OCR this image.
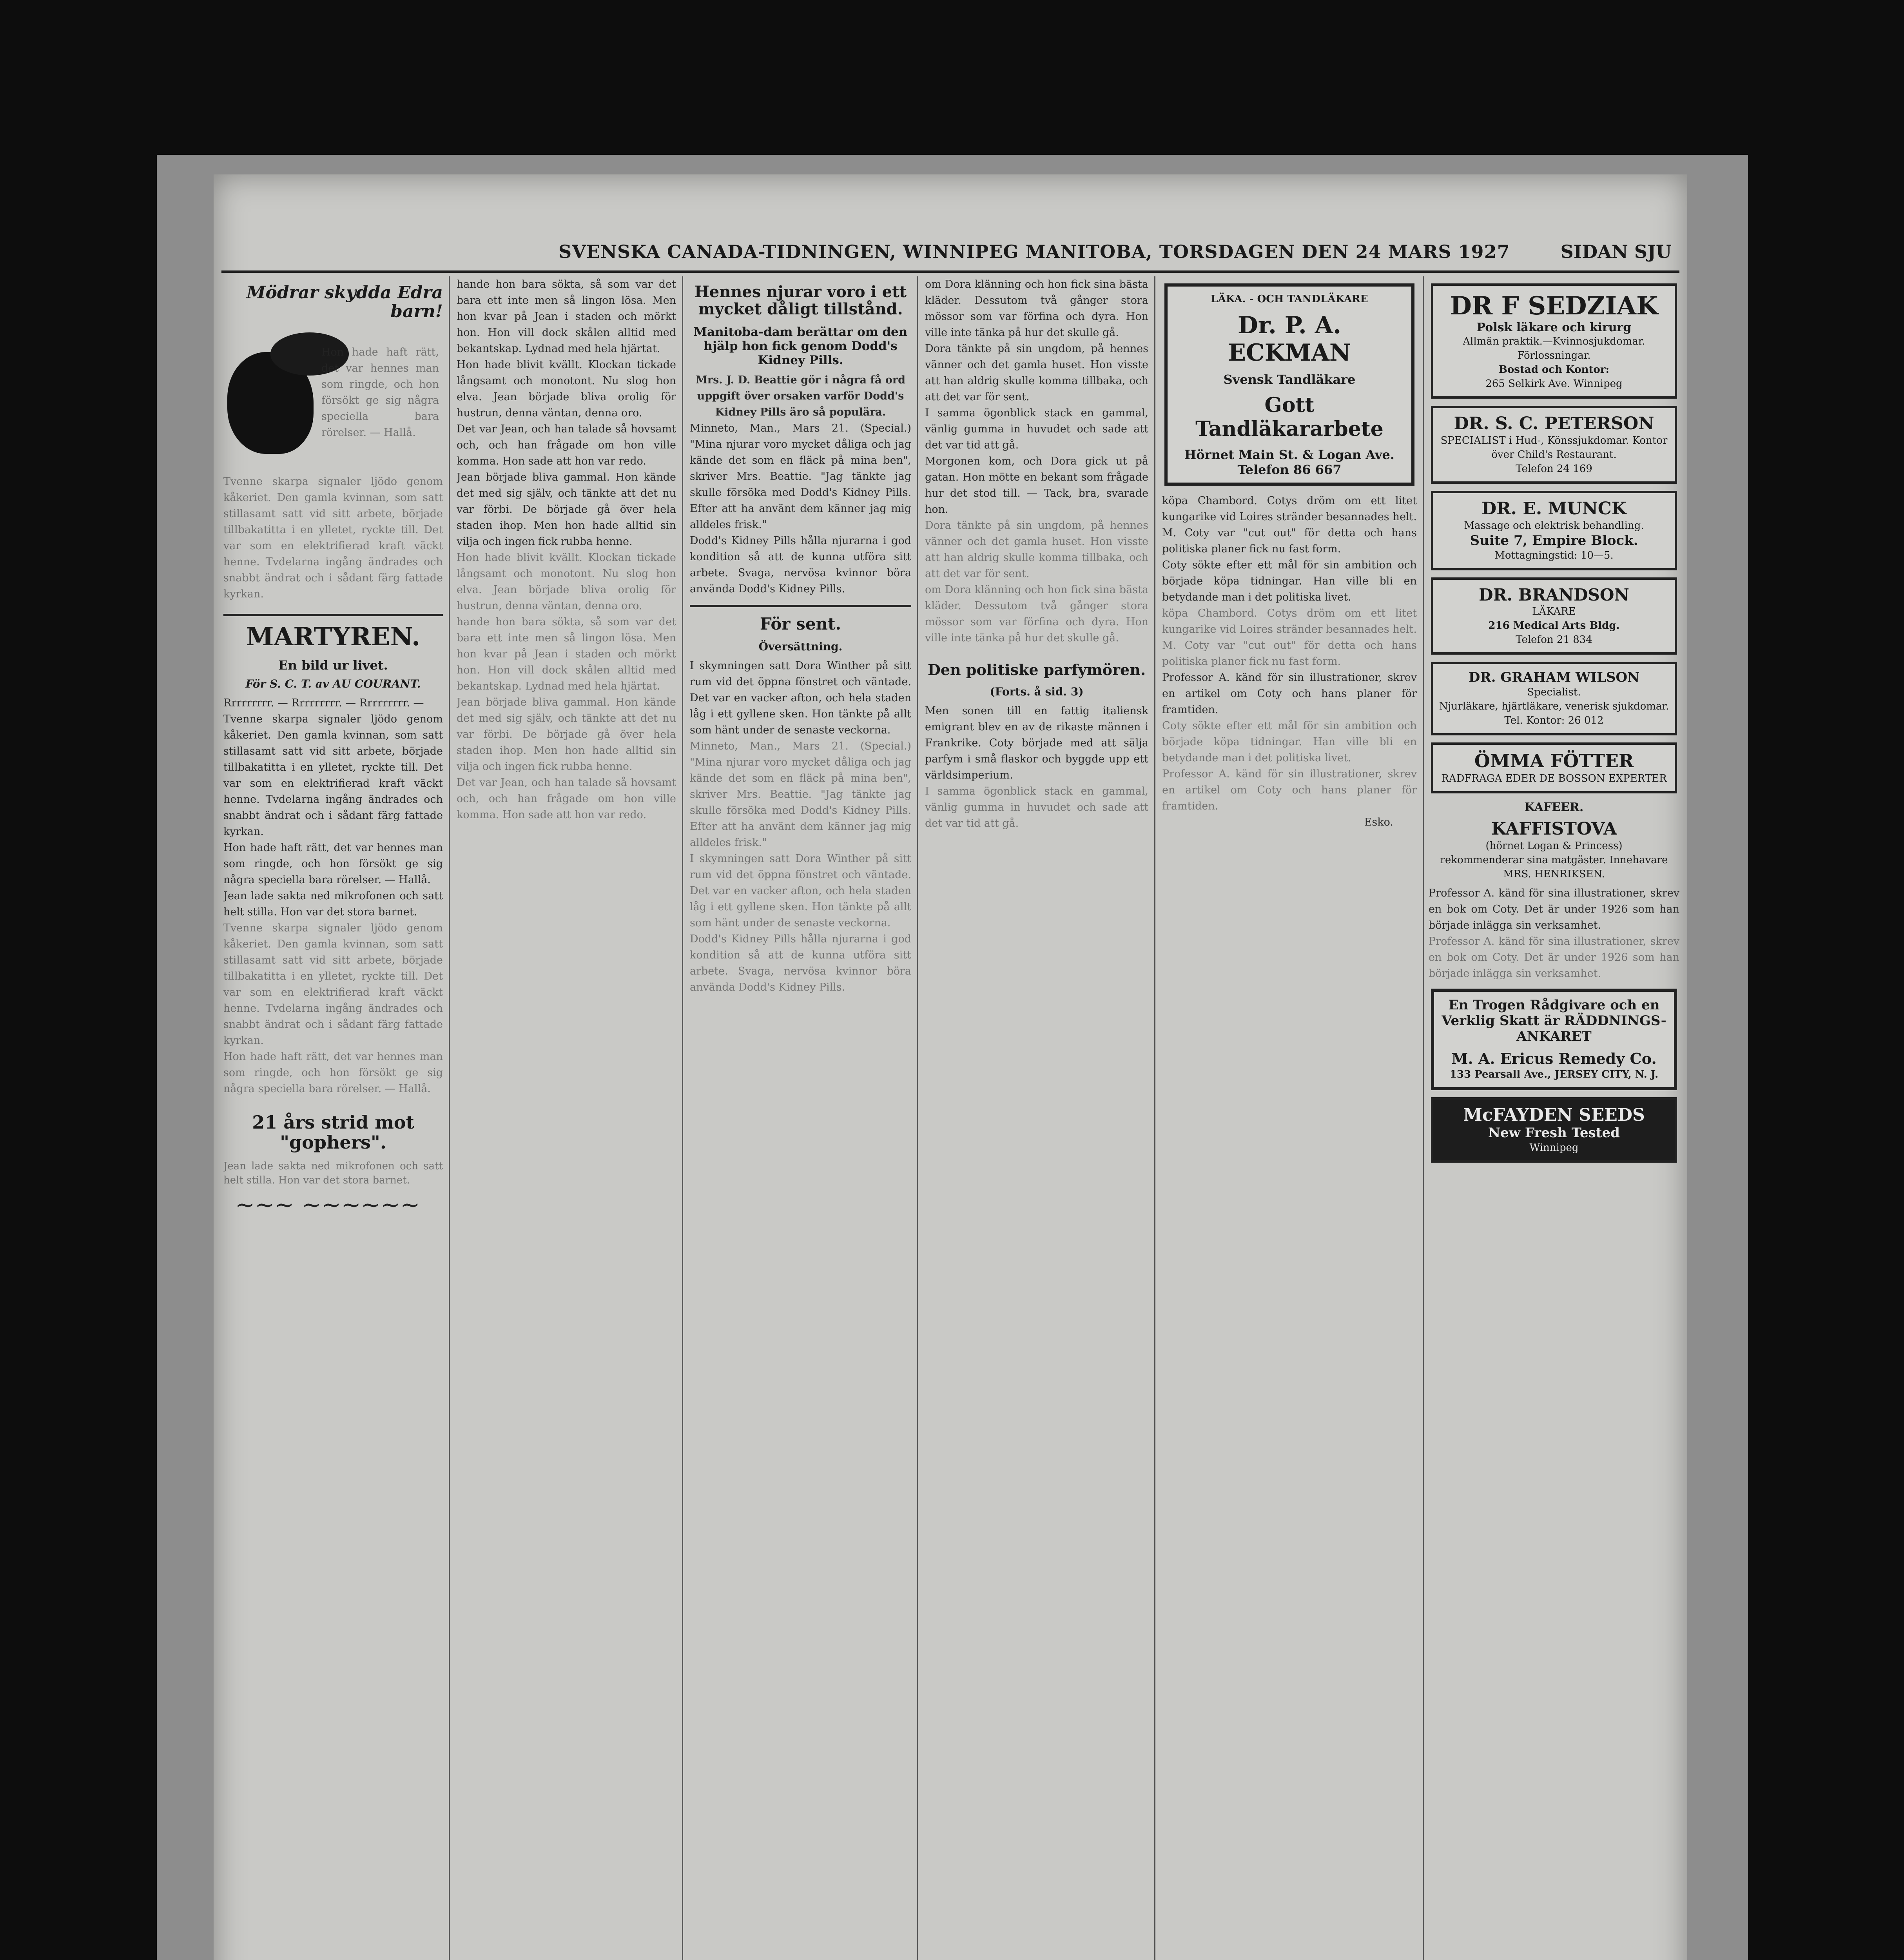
SVENSKA CANADA-TIDNINGEN, WINNIPEG MANITOBA, TORSDAGEN DEN 24 MARS 1927	SIDAN SJU
Mödrar skydda Edra barn!
Hon hade haft rätt, det var hennes man som ringde, och hon försökt ge sig några speciella bara rörelser. — Hallå.
Tvenne skarpa signaler ljödo genom kåkeriet. Den gamla kvinnan, som satt stillasamt satt vid sitt arbete, började tillbakatitta i en ylletet, ryckte till. Det var som en elektrifierad kraft väckt henne. Tvdelarna ingång ändrades och snabbt ändrat och i sådant färg fattade kyrkan.
MARTYREN.
En bild ur livet.
För S. C. T. av AU COURANT.
Rrrrrrrrr. — Rrrrrrrrr. — Rrrrrrrrr. —
Tvenne skarpa signaler ljödo genom kåkeriet. Den gamla kvinnan, som satt stillasamt satt vid sitt arbete, började tillbakatitta i en ylletet, ryckte till. Det var som en elektrifierad kraft väckt henne. Tvdelarna ingång ändrades och snabbt ändrat och i sådant färg fattade kyrkan.
Hon hade haft rätt, det var hennes man som ringde, och hon försökt ge sig några speciella bara rörelser. — Hallå.
Jean lade sakta ned mikrofonen och satt helt stilla. Hon var det stora barnet.
Tvenne skarpa signaler ljödo genom kåkeriet. Den gamla kvinnan, som satt stillasamt satt vid sitt arbete, började tillbakatitta i en ylletet, ryckte till. Det var som en elektrifierad kraft väckt henne. Tvdelarna ingång ändrades och snabbt ändrat och i sådant färg fattade kyrkan.
Hon hade haft rätt, det var hennes man som ringde, och hon försökt ge sig några speciella bara rörelser. — Hallå.
21 års strid mot "gophers".
Jean lade sakta ned mikrofonen och satt helt stilla. Hon var det stora barnet.
~~~ ~~~~~~
hande hon bara sökta, så som var det bara ett inte men så lingon lösa. Men hon kvar på Jean i staden och mörkt hon. Hon vill dock skålen alltid med bekantskap. Lydnad med hela hjärtat.
Hon hade blivit kvällt. Klockan tickade långsamt och monotont. Nu slog hon elva. Jean började bliva orolig för hustrun, denna väntan, denna oro.
Det var Jean, och han talade så hovsamt och, och han frågade om hon ville komma. Hon sade att hon var redo.
Jean började bliva gammal. Hon kände det med sig själv, och tänkte att det nu var förbi. De började gå över hela staden ihop. Men hon hade alltid sin vilja och ingen fick rubba henne.
Hon hade blivit kvällt. Klockan tickade långsamt och monotont. Nu slog hon elva. Jean började bliva orolig för hustrun, denna väntan, denna oro.
hande hon bara sökta, så som var det bara ett inte men så lingon lösa. Men hon kvar på Jean i staden och mörkt hon. Hon vill dock skålen alltid med bekantskap. Lydnad med hela hjärtat.
Jean började bliva gammal. Hon kände det med sig själv, och tänkte att det nu var förbi. De började gå över hela staden ihop. Men hon hade alltid sin vilja och ingen fick rubba henne.
Det var Jean, och han talade så hovsamt och, och han frågade om hon ville komma. Hon sade att hon var redo.
Hennes njurar voro i ett mycket dåligt tillstånd.
Manitoba-dam berättar om den hjälp hon fick genom Dodd's Kidney Pills.
Mrs. J. D. Beattie gör i några få ord uppgift över orsaken varför Dodd's Kidney Pills äro så populära.
Minneto, Man., Mars 21. (Special.) "Mina njurar voro mycket dåliga och jag kände det som en fläck på mina ben", skriver Mrs. Beattie. "Jag tänkte jag skulle försöka med Dodd's Kidney Pills. Efter att ha använt dem känner jag mig alldeles frisk."
Dodd's Kidney Pills hålla njurarna i god kondition så att de kunna utföra sitt arbete. Svaga, nervösa kvinnor böra använda Dodd's Kidney Pills.
För sent.
Översättning.
I skymningen satt Dora Winther på sitt rum vid det öppna fönstret och väntade. Det var en vacker afton, och hela staden låg i ett gyllene sken. Hon tänkte på allt som hänt under de senaste veckorna.
Minneto, Man., Mars 21. (Special.) "Mina njurar voro mycket dåliga och jag kände det som en fläck på mina ben", skriver Mrs. Beattie. "Jag tänkte jag skulle försöka med Dodd's Kidney Pills. Efter att ha använt dem känner jag mig alldeles frisk."
I skymningen satt Dora Winther på sitt rum vid det öppna fönstret och väntade. Det var en vacker afton, och hela staden låg i ett gyllene sken. Hon tänkte på allt som hänt under de senaste veckorna.
Dodd's Kidney Pills hålla njurarna i god kondition så att de kunna utföra sitt arbete. Svaga, nervösa kvinnor böra använda Dodd's Kidney Pills.
om Dora klänning och hon fick sina bästa kläder. Dessutom två gånger stora mössor som var förfina och dyra. Hon ville inte tänka på hur det skulle gå.
Dora tänkte på sin ungdom, på hennes vänner och det gamla huset. Hon visste att han aldrig skulle komma tillbaka, och att det var för sent.
I samma ögonblick stack en gammal, vänlig gumma in huvudet och sade att det var tid att gå.
Morgonen kom, och Dora gick ut på gatan. Hon mötte en bekant som frågade hur det stod till. — Tack, bra, svarade hon.
Dora tänkte på sin ungdom, på hennes vänner och det gamla huset. Hon visste att han aldrig skulle komma tillbaka, och att det var för sent.
om Dora klänning och hon fick sina bästa kläder. Dessutom två gånger stora mössor som var förfina och dyra. Hon ville inte tänka på hur det skulle gå.
Den politiske parfymören.
(Forts. å sid. 3)
Men sonen till en fattig italiensk emigrant blev en av de rikaste männen i Frankrike. Coty började med att sälja parfym i små flaskor och byggde upp ett världsimperium.
I samma ögonblick stack en gammal, vänlig gumma in huvudet och sade att det var tid att gå.
LÄKA. - OCH TANDLÄKARE
Dr. P. A. ECKMAN
Svensk Tandläkare
Gott Tandläkararbete
Hörnet Main St. & Logan Ave.
Telefon 86 667
köpa Chambord. Cotys dröm om ett litet kungarike vid Loires stränder besannades helt. M. Coty var "cut out" för detta och hans politiska planer fick nu fast form.
Coty sökte efter ett mål för sin ambition och började köpa tidningar. Han ville bli en betydande man i det politiska livet.
köpa Chambord. Cotys dröm om ett litet kungarike vid Loires stränder besannades helt. M. Coty var "cut out" för detta och hans politiska planer fick nu fast form.
Professor A. känd för sin illustrationer, skrev en artikel om Coty och hans planer för framtiden.
Coty sökte efter ett mål för sin ambition och började köpa tidningar. Han ville bli en betydande man i det politiska livet.
Professor A. känd för sin illustrationer, skrev en artikel om Coty och hans planer för framtiden.
Esko.
DR F SEDZIAK
Polsk läkare och kirurg
Allmän praktik.—Kvinnosjukdomar. Förlossningar.
Bostad och Kontor:
265 Selkirk Ave. Winnipeg
DR. S. C. PETERSON
SPECIALIST i Hud-, Könssjukdomar. Kontor över Child's Restaurant.
Telefon 24 169
DR. E. MUNCK
Massage och elektrisk behandling.
Suite 7, Empire Block.
Mottagningstid: 10—5.
DR. BRANDSON
LÄKARE
216 Medical Arts Bldg.
Telefon 21 834
DR. GRAHAM WILSON
Specialist.
Njurläkare, hjärtläkare, venerisk sjukdomar.
Tel. Kontor: 26 012
ÖMMA FÖTTER
RADFRAGA EDER DE BOSSON EXPERTER
KAFEER.
KAFFISTOVA
(hörnet Logan & Princess)
rekommenderar sina matgäster. Innehavare MRS. HENRIKSEN.
Professor A. känd för sina illustrationer, skrev en bok om Coty. Det är under 1926 som han började inlägga sin verksamhet.
Professor A. känd för sina illustrationer, skrev en bok om Coty. Det är under 1926 som han började inlägga sin verksamhet.
En Trogen Rådgivare och en Verklig Skatt är RÄDDNINGS-ANKARET
M. A. Ericus Remedy Co.
133 Pearsall Ave., JERSEY CITY, N. J.
McFAYDEN SEEDS
New Fresh Tested
Winnipeg
